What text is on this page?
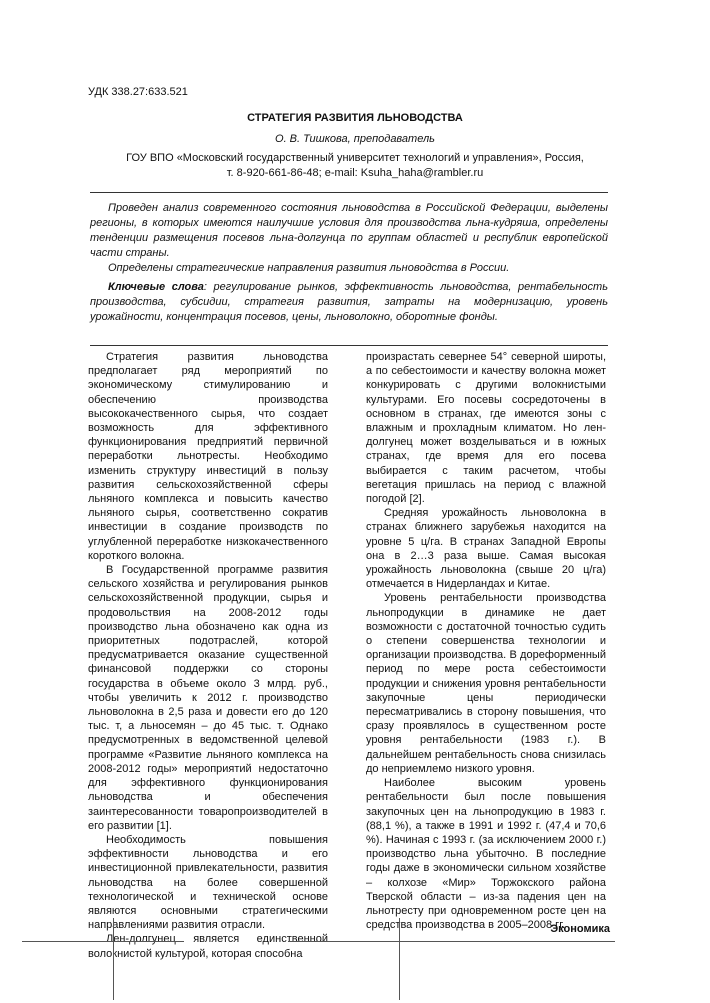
УДК 338.27:633.521
СТРАТЕГИЯ РАЗВИТИЯ ЛЬНОВОДСТВА
О. В. Тишкова, преподаватель
ГОУ ВПО «Московский государственный университет технологий и управления», Россия,
т. 8-920-661-86-48; e-mail: Ksuha_haha@rambler.ru

Проведен анализ современного состояния льноводства в Российской Федерации, выделены регионы, в которых имеются наилучшие условия для производства льна-кудряша, определены тенденции размещения посевов льна-долгунца по группам областей и республик европейской части страны.

Определены стратегические направления развития льноводства в России.

Ключевые слова: регулирование рынков, эффективность льноводства, рентабельность производства, субсидии, стратегия развития, затраты на модернизацию, уровень урожайности, концентрация посевов, цены, льноволокно, оборотные фонды.

Стратегия развития льноводства предполагает ряд мероприятий по экономическому стимулированию и обеспечению производства высококачественного сырья, что создает возможность для эффективного функционирования предприятий первичной переработки льнотресты. Необходимо изменить структуру инвестиций в пользу развития сельскохозяйственной сферы льняного комплекса и повысить качество льняного сырья, соответственно сократив инвестиции в создание производств по углубленной переработке низкокачественного короткого волокна.

В Государственной программе развития сельского хозяйства и регулирования рынков сельскохозяйственной продукции, сырья и продовольствия на 2008-2012 годы производство льна обозначено как одна из приоритетных подотраслей, которой предусматривается оказание существенной финансовой поддержки со стороны государства в объеме около 3 млрд. руб., чтобы увеличить к 2012 г. производство льноволокна в 2,5 раза и довести его до 120 тыс. т, а льносемян – до 45 тыс. т. Однако предусмотренных в ведомственной целевой программе «Развитие льняного комплекса на 2008-2012 годы» мероприятий недостаточно для эффективного функционирования льноводства и обеспечения заинтересованности товаропроизводителей в его развитии [1].

Необходимость повышения эффективности льноводства и его инвестиционной привлекательности, развития льноводства на более совершенной технологической и технической основе являются основными стратегическими направлениями развития отрасли.

Лен-долгунец является единственной волокнистой культурой, которая способна

произрастать севернее 54° северной широты, а по себестоимости и качеству волокна может конкурировать с другими волокнистыми культурами. Его посевы сосредоточены в основном в странах, где имеются зоны с влажным и прохладным климатом. Но лен-долгунец может возделываться и в южных странах, где время для его посева выбирается с таким расчетом, чтобы вегетация пришлась на период с влажной погодой [2].

Средняя урожайность льноволокна в странах ближнего зарубежья находится на уровне 5 ц/га. В странах Западной Европы она в 2…3 раза выше. Самая высокая урожайность льноволокна (свыше 20 ц/га) отмечается в Нидерландах и Китае.

Уровень рентабельности производства льнопродукции в динамике не дает возможности с достаточной точностью судить о степени совершенства технологии и организации производства. В дореформенный период по мере роста себестоимости продукции и снижения уровня рентабельности закупочные цены периодически пересматривались в сторону повышения, что сразу проявлялось в существенном росте уровня рентабельности (1983 г.). В дальнейшем рентабельность снова снизилась до неприемлемо низкого уровня.

Наиболее высоким уровень рентабельности был после повышения закупочных цен на льнопродукцию в 1983 г. (88,1 %), а также в 1991 и 1992 г. (47,4 и 70,6 %). Начиная с 1993 г. (за исключением 2000 г.) производство льна убыточно. В последние годы даже в экономически сильном хозяйстве – колхозе «Мир» Торжокского района Тверской области – из-за падения цен на льнотресту при одновременном росте цен на средства производства в 2005–2008 гг.

Экономика
